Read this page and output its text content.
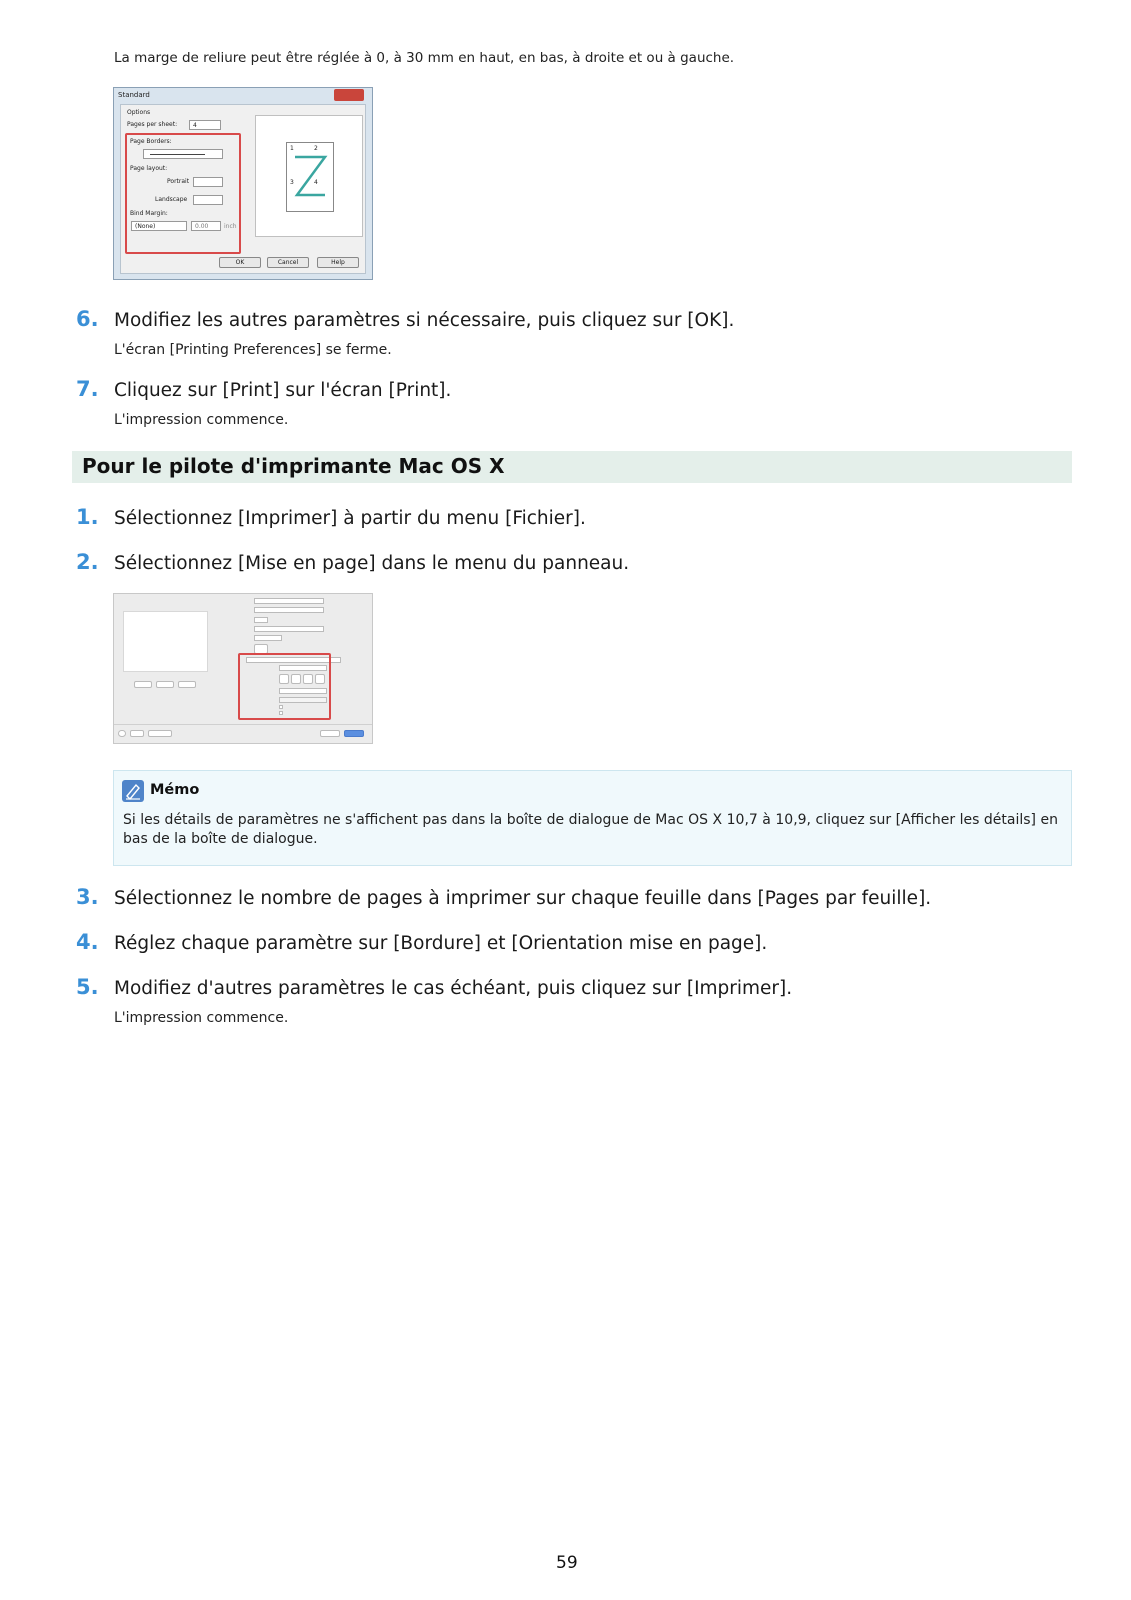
La marge de reliure peut être réglée à 0, à 30 mm en haut, en bas, à droite et ou à gauche.
Standard
Options
Pages per sheet:	4
Page Borders:
Page layout:
Portrait
Landscape
Bind Margin:
(None)	0.00	inch
1	2
3	4
OK	Cancel	Help
6. Modifiez les autres paramètres si nécessaire, puis cliquez sur [OK].
L'écran [Printing Preferences] se ferme.
7. Cliquez sur [Print] sur l'écran [Print].
L'impression commence.
Pour le pilote d'imprimante Mac OS X
1. Sélectionnez [Imprimer] à partir du menu [Fichier].
2. Sélectionnez [Mise en page] dans le menu du panneau.

Mémo
Si les détails de paramètres ne s'affichent pas dans la boîte de dialogue de Mac OS X 10,7 à 10,9, cliquez sur [Afficher les détails] en bas de la boîte de dialogue.
3. Sélectionnez le nombre de pages à imprimer sur chaque feuille dans [Pages par feuille].
4. Réglez chaque paramètre sur [Bordure] et [Orientation mise en page].
5. Modifiez d'autres paramètres le cas échéant, puis cliquez sur [Imprimer].
L'impression commence.
59
